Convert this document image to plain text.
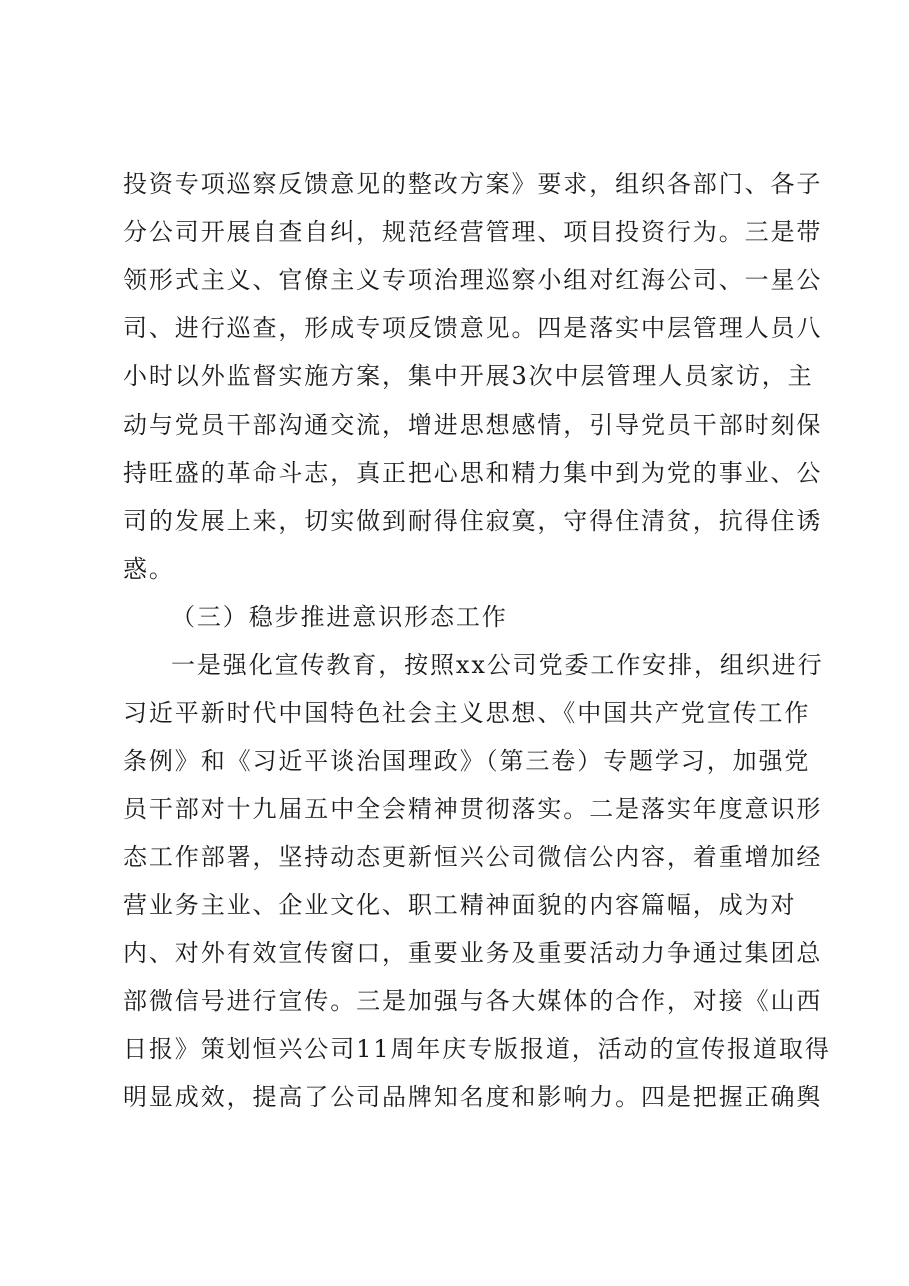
投资专项巡察反馈意见的整改方案》要求，组织各部门、各子
分公司开展自查自纠，规范经营管理、项目投资行为。三是带
领形式主义、官僚主义专项治理巡察小组对红海公司、一星公
司、进行巡查，形成专项反馈意见。四是落实中层管理人员八
小时以外监督实施方案，集中开展3次中层管理人员家访，主
动与党员干部沟通交流，增进思想感情，引导党员干部时刻保
持旺盛的革命斗志，真正把心思和精力集中到为党的事业、公
司的发展上来，切实做到耐得住寂寞，守得住清贫，抗得住诱
惑。
（三）稳步推进意识形态工作
一是强化宣传教育，按照xx公司党委工作安排，组织进行
习近平新时代中国特色社会主义思想、《中国共产党宣传工作
条例》和《习近平谈治国理政》（第三卷）专题学习，加强党
员干部对十九届五中全会精神贯彻落实。二是落实年度意识形
态工作部署，坚持动态更新恒兴公司微信公内容，着重增加经
营业务主业、企业文化、职工精神面貌的内容篇幅，成为对
内、对外有效宣传窗口，重要业务及重要活动力争通过集团总
部微信号进行宣传。三是加强与各大媒体的合作，对接《山西
日报》策划恒兴公司11周年庆专版报道，活动的宣传报道取得
明显成效，提高了公司品牌知名度和影响力。四是把握正确舆
